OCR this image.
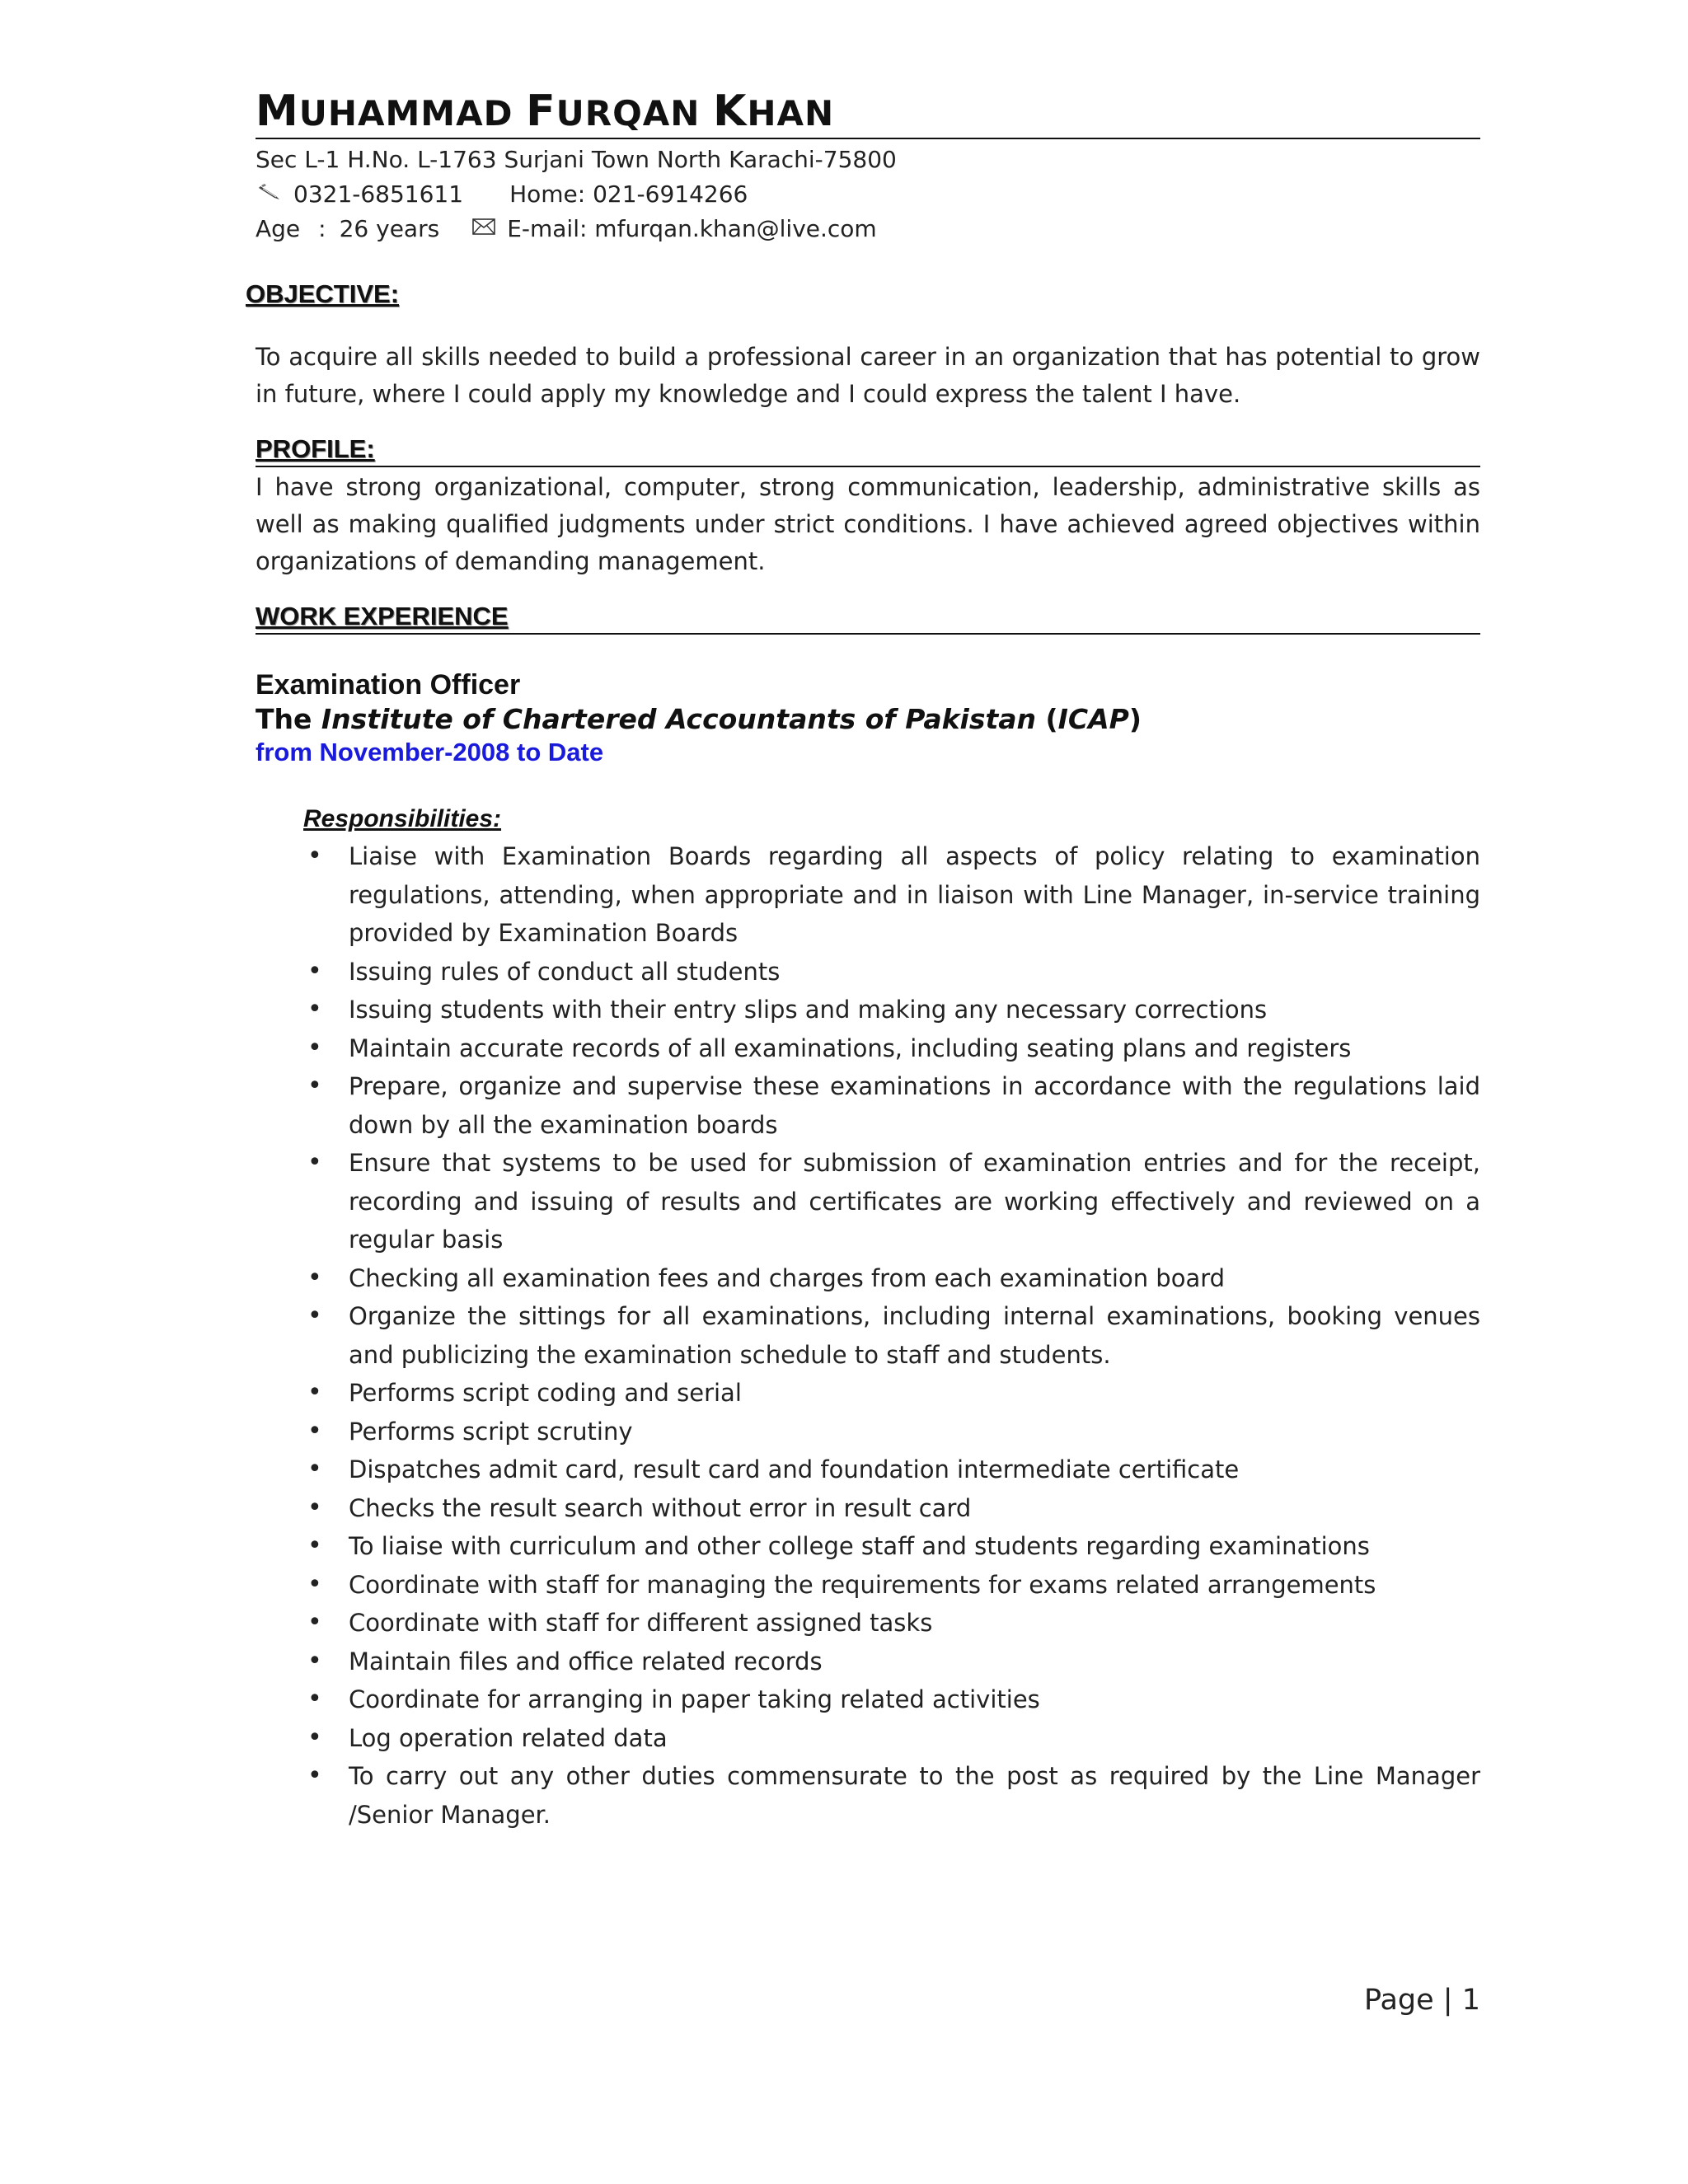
MUHAMMAD FURQAN KHAN
Sec L-1 H.No. L-1763 Surjani Town North Karachi-75800
0321-6851611 Home: 021-6914266
Age : 26 years	E-mail: mfurqan.khan@live.com
OBJECTIVE:
To acquire all skills needed to build a professional career in an organization that has potential to grow in future, where I could apply my knowledge and I could express the talent I have.
PROFILE:
I have strong organizational, computer, strong communication, leadership, administrative skills as well as making qualified judgments under strict conditions. I have achieved agreed objectives within organizations of demanding management.
WORK EXPERIENCE
Examination Officer
The Institute of Chartered Accountants of Pakistan (ICAP)
from November-2008 to Date
Responsibilities:
• Liaise with Examination Boards regarding all aspects of policy relating to examination regulations, attending, when appropriate and in liaison with Line Manager, in-service training provided by Examination Boards
• Issuing rules of conduct all students
• Issuing students with their entry slips and making any necessary corrections
• Maintain accurate records of all examinations, including seating plans and registers
• Prepare, organize and supervise these examinations in accordance with the regulations laid down by all the examination boards
• Ensure that systems to be used for submission of examination entries and for the receipt, recording and issuing of results and certificates are working effectively and reviewed on a regular basis
• Checking all examination fees and charges from each examination board
• Organize the sittings for all examinations, including internal examinations, booking venues and publicizing the examination schedule to staff and students.
• Performs script coding and serial
• Performs script scrutiny
• Dispatches admit card, result card and foundation intermediate certificate
• Checks the result search without error in result card
• To liaise with curriculum and other college staff and students regarding examinations
• Coordinate with staff for managing the requirements for exams related arrangements
• Coordinate with staff for different assigned tasks
• Maintain files and office related records
• Coordinate for arranging in paper taking related activities
• Log operation related data
• To carry out any other duties commensurate to the post as required by the Line Manager /Senior Manager.
Page | 1
